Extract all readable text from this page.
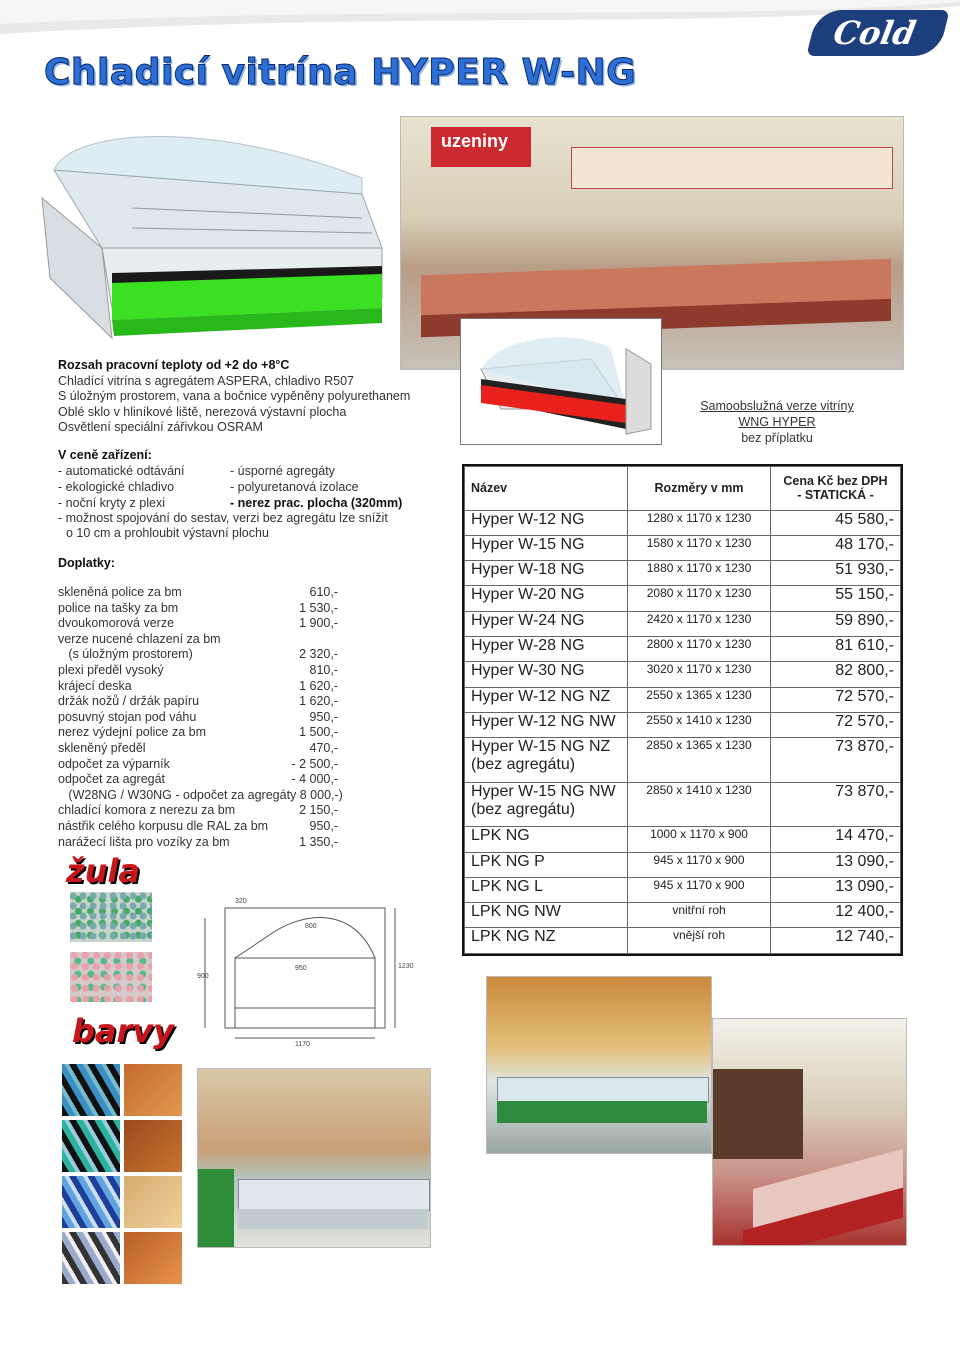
Cold
Chladicí vitrína HYPER W-NG
uzeniny
Samoobslužná verze vitríny
WNG HYPER
bez příplatku
Rozsah pracovní teploty od +2 do +8°C
Chladící vitrína s agregátem ASPERA, chladivo R507
S úložným prostorem, vana a bočnice vypěněny polyurethanem
Oblé sklo v hliníkové liště, nerezová výstavní plocha
Osvětlení speciální zářivkou OSRAM
V ceně zařízení:
- automatické odtávání
- ekologické chladivo
- noční kryty z plexi
- úsporné agregáty
- polyuretanová izolace
- nerez prac. plocha (320mm)
- možnost spojování do sestav, verzi bez agregátu lze snížit
o 10 cm a prohloubit výstavní plochu
Doplatky:
skleněná police za bm	610,-
police na tašky za bm	1 530,-
dvoukomorová verze	1 900,-
verze nucené chlazení za bm
(s úložným prostorem)	2 320,-
plexi předěl vysoký	810,-
krájecí deska	1 620,-
držák nožů / držák papíru	1 620,-
posuvný stojan pod váhu	950,-
nerez výdejní police za bm	1 500,-
skleněný předěl	470,-
odpočet za výparník	- 2 500,-
odpočet za agregát	- 4 000,-
(W28NG / W30NG - odpočet za agregáty 8 000,-)
chladící komora z nerezu za bm	2 150,-
nástřik celého korpusu dle RAL za bm	950,-
narážecí lišta pro vozíky za bm	1 350,-
Název	Rozměry v mm	Cena Kč bez DPH
- STATICKÁ -

Hyper W-12 NG	1280 x 1170 x 1230	45 580,-
Hyper W-15 NG	1580 x 1170 x 1230	48 170,-
Hyper W-18 NG	1880 x 1170 x 1230	51 930,-
Hyper W-20 NG	2080 x 1170 x 1230	55 150,-
Hyper W-24 NG	2420 x 1170 x 1230	59 890,-
Hyper W-28 NG	2800 x 1170 x 1230	81 610,-
Hyper W-30 NG	3020 x 1170 x 1230	82 800,-
Hyper W-12 NG NZ	2550 x 1365 x 1230	72 570,-
Hyper W-12 NG NW	2550 x 1410 x 1230	72 570,-
Hyper W-15 NG NZ
(bez agregátu)	2850 x 1365 x 1230	73 870,-
Hyper W-15 NG NW
(bez agregátu)	2850 x 1410 x 1230	73 870,-
LPK NG	1000 x 1170 x 900	14 470,-
LPK NG P	945 x 1170 x 900	13 090,-
LPK NG L	945 x 1170 x 900	13 090,-
LPK NG NW	vnitřní roh	12 400,-
LPK NG NZ	vnější roh	12 740,-
žula
320
800
950
1170
900
1230
barvy
